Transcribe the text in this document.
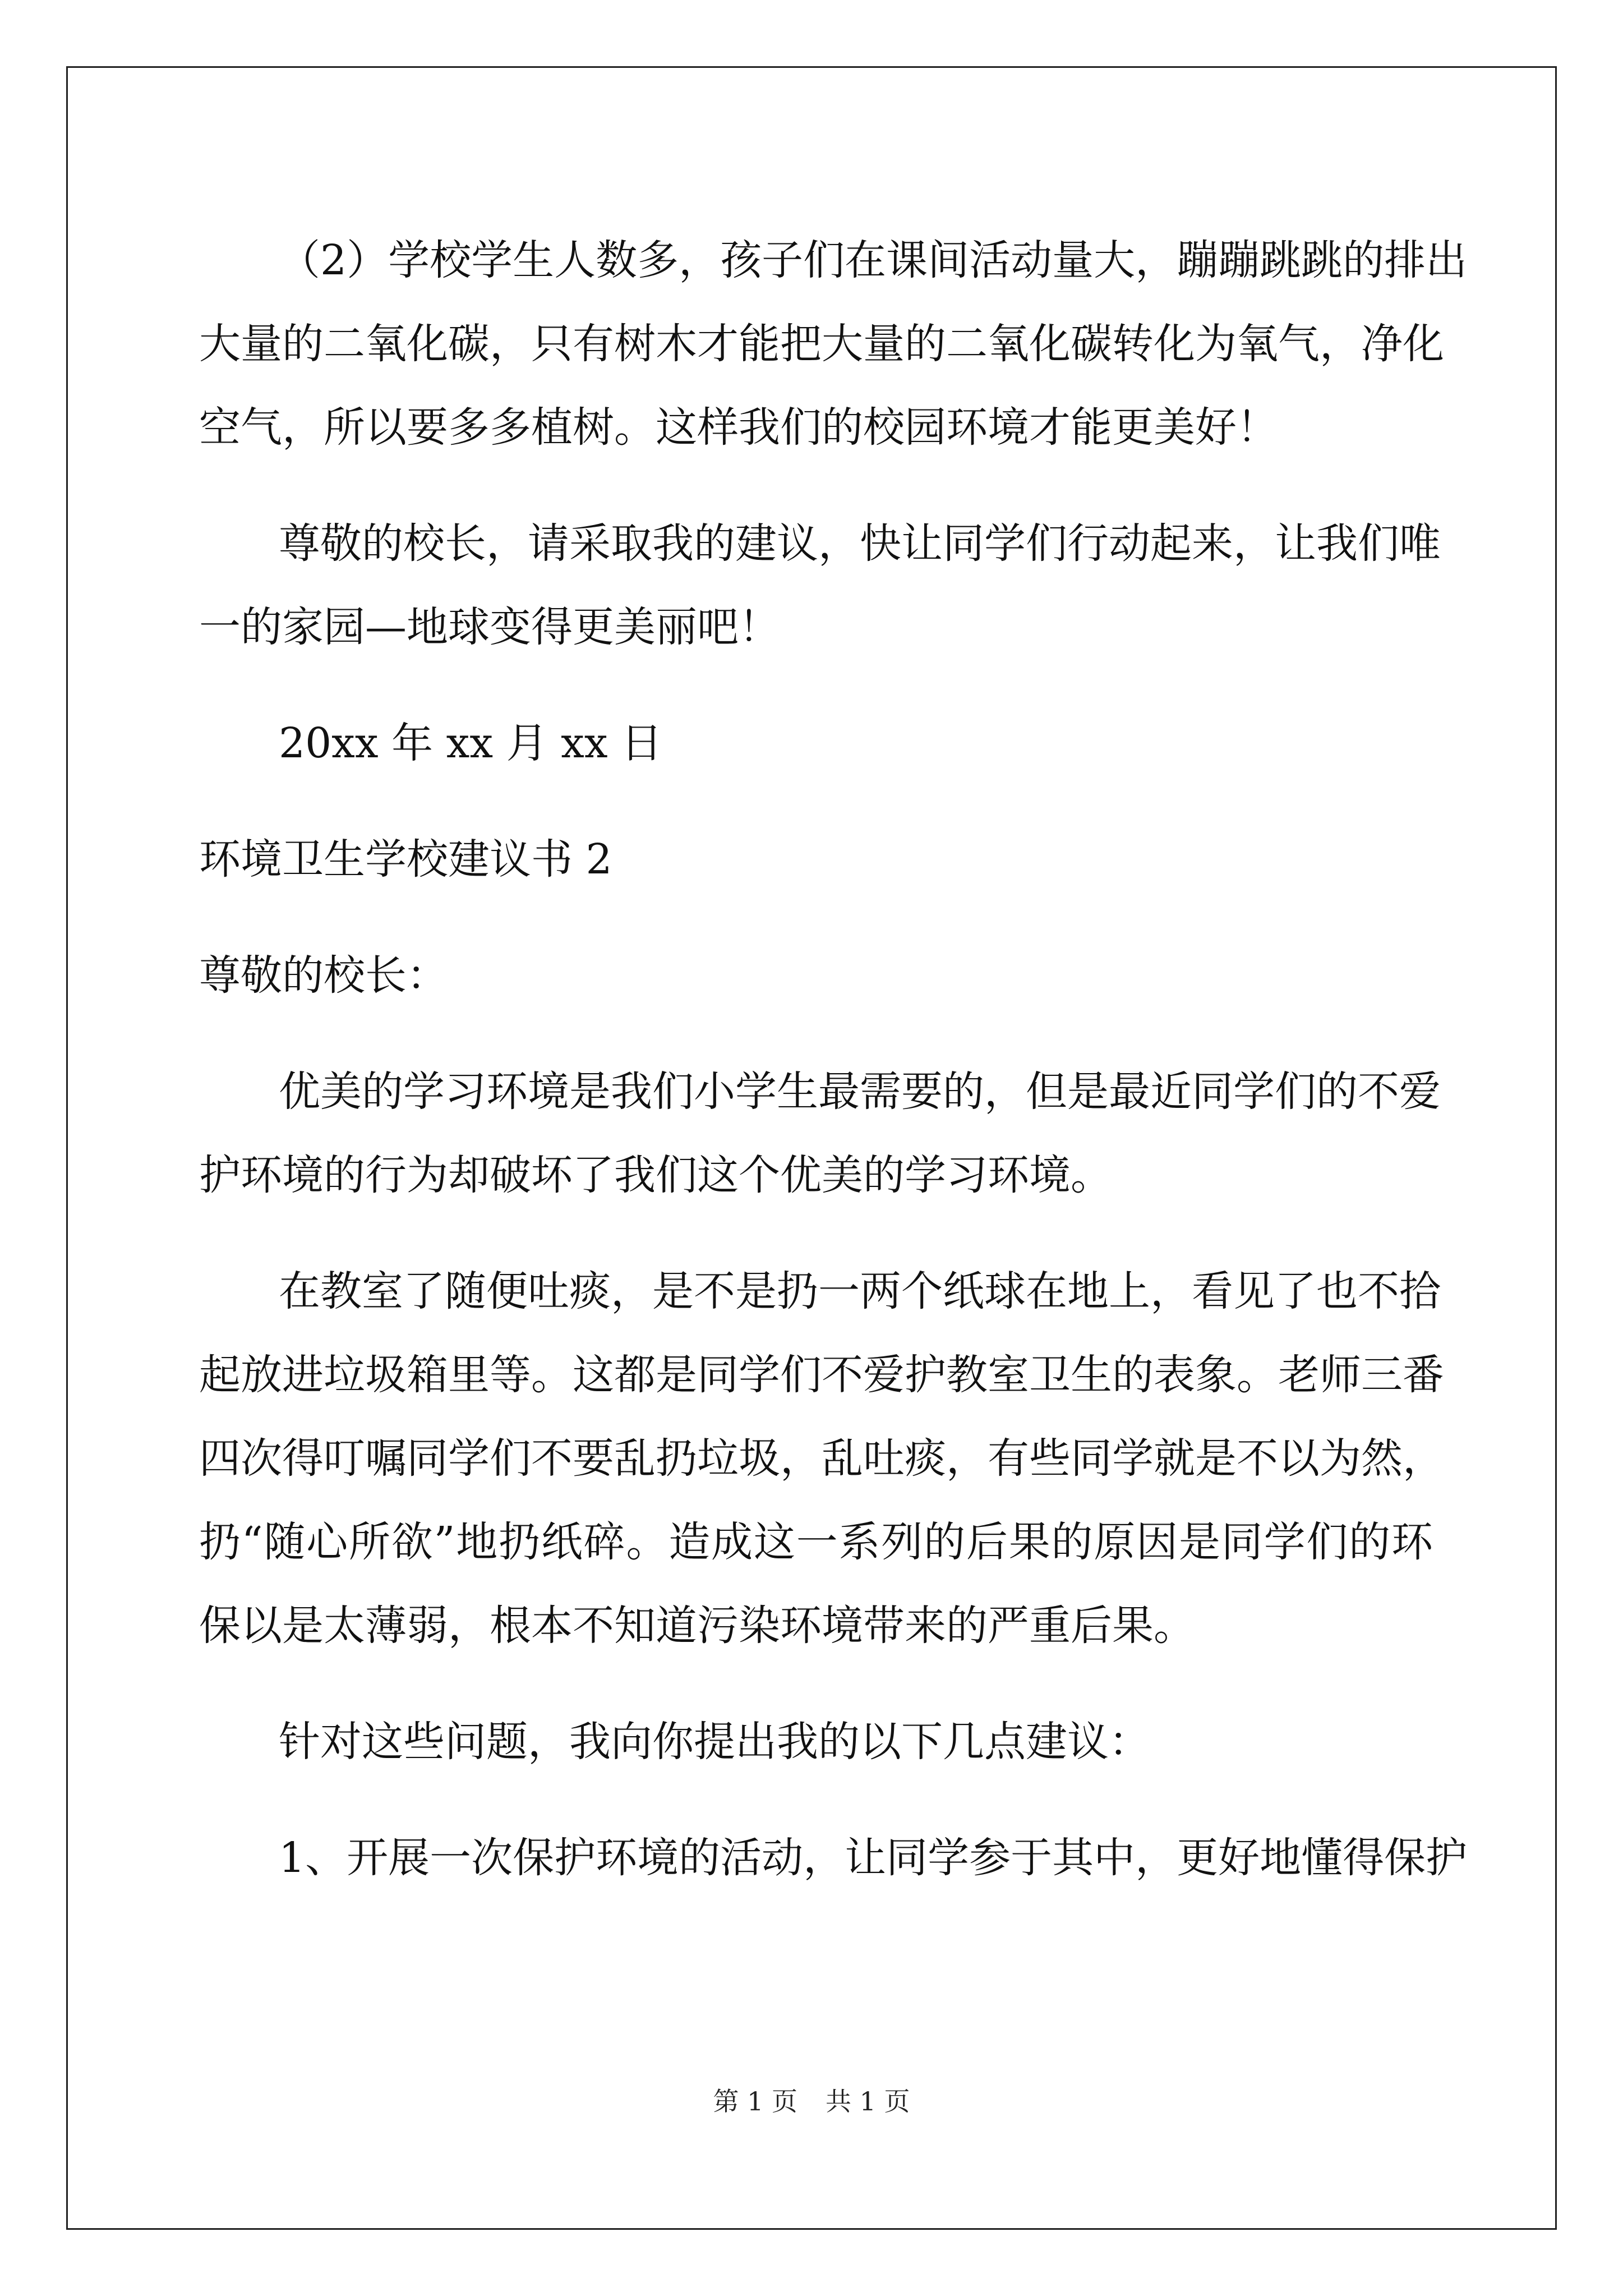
（2）学校学生人数多，孩子们在课间活动量大，蹦蹦跳跳的排出
大量的二氧化碳，只有树木才能把大量的二氧化碳转化为氧气，净化
空气，所以要多多植树。这样我们的校园环境才能更美好！
尊敬的校长，请采取我的建议，快让同学们行动起来，让我们唯
一的家园—地球变得更美丽吧！
20xx 年 xx 月 xx 日
环境卫生学校建议书 2
尊敬的校长：
优美的学习环境是我们小学生最需要的，但是最近同学们的不爱
护环境的行为却破坏了我们这个优美的学习环境。
在教室了随便吐痰，是不是扔一两个纸球在地上，看见了也不拾
起放进垃圾箱里等。这都是同学们不爱护教室卫生的表象。老师三番
四次得叮嘱同学们不要乱扔垃圾，乱吐痰，有些同学就是不以为然，
扔“随心所欲”地扔纸碎。造成这一系列的后果的原因是同学们的环
保以是太薄弱，根本不知道污染环境带来的严重后果。
针对这些问题，我向你提出我的以下几点建议：
1、开展一次保护环境的活动，让同学参于其中，更好地懂得保护
第 1 页 共 1 页
